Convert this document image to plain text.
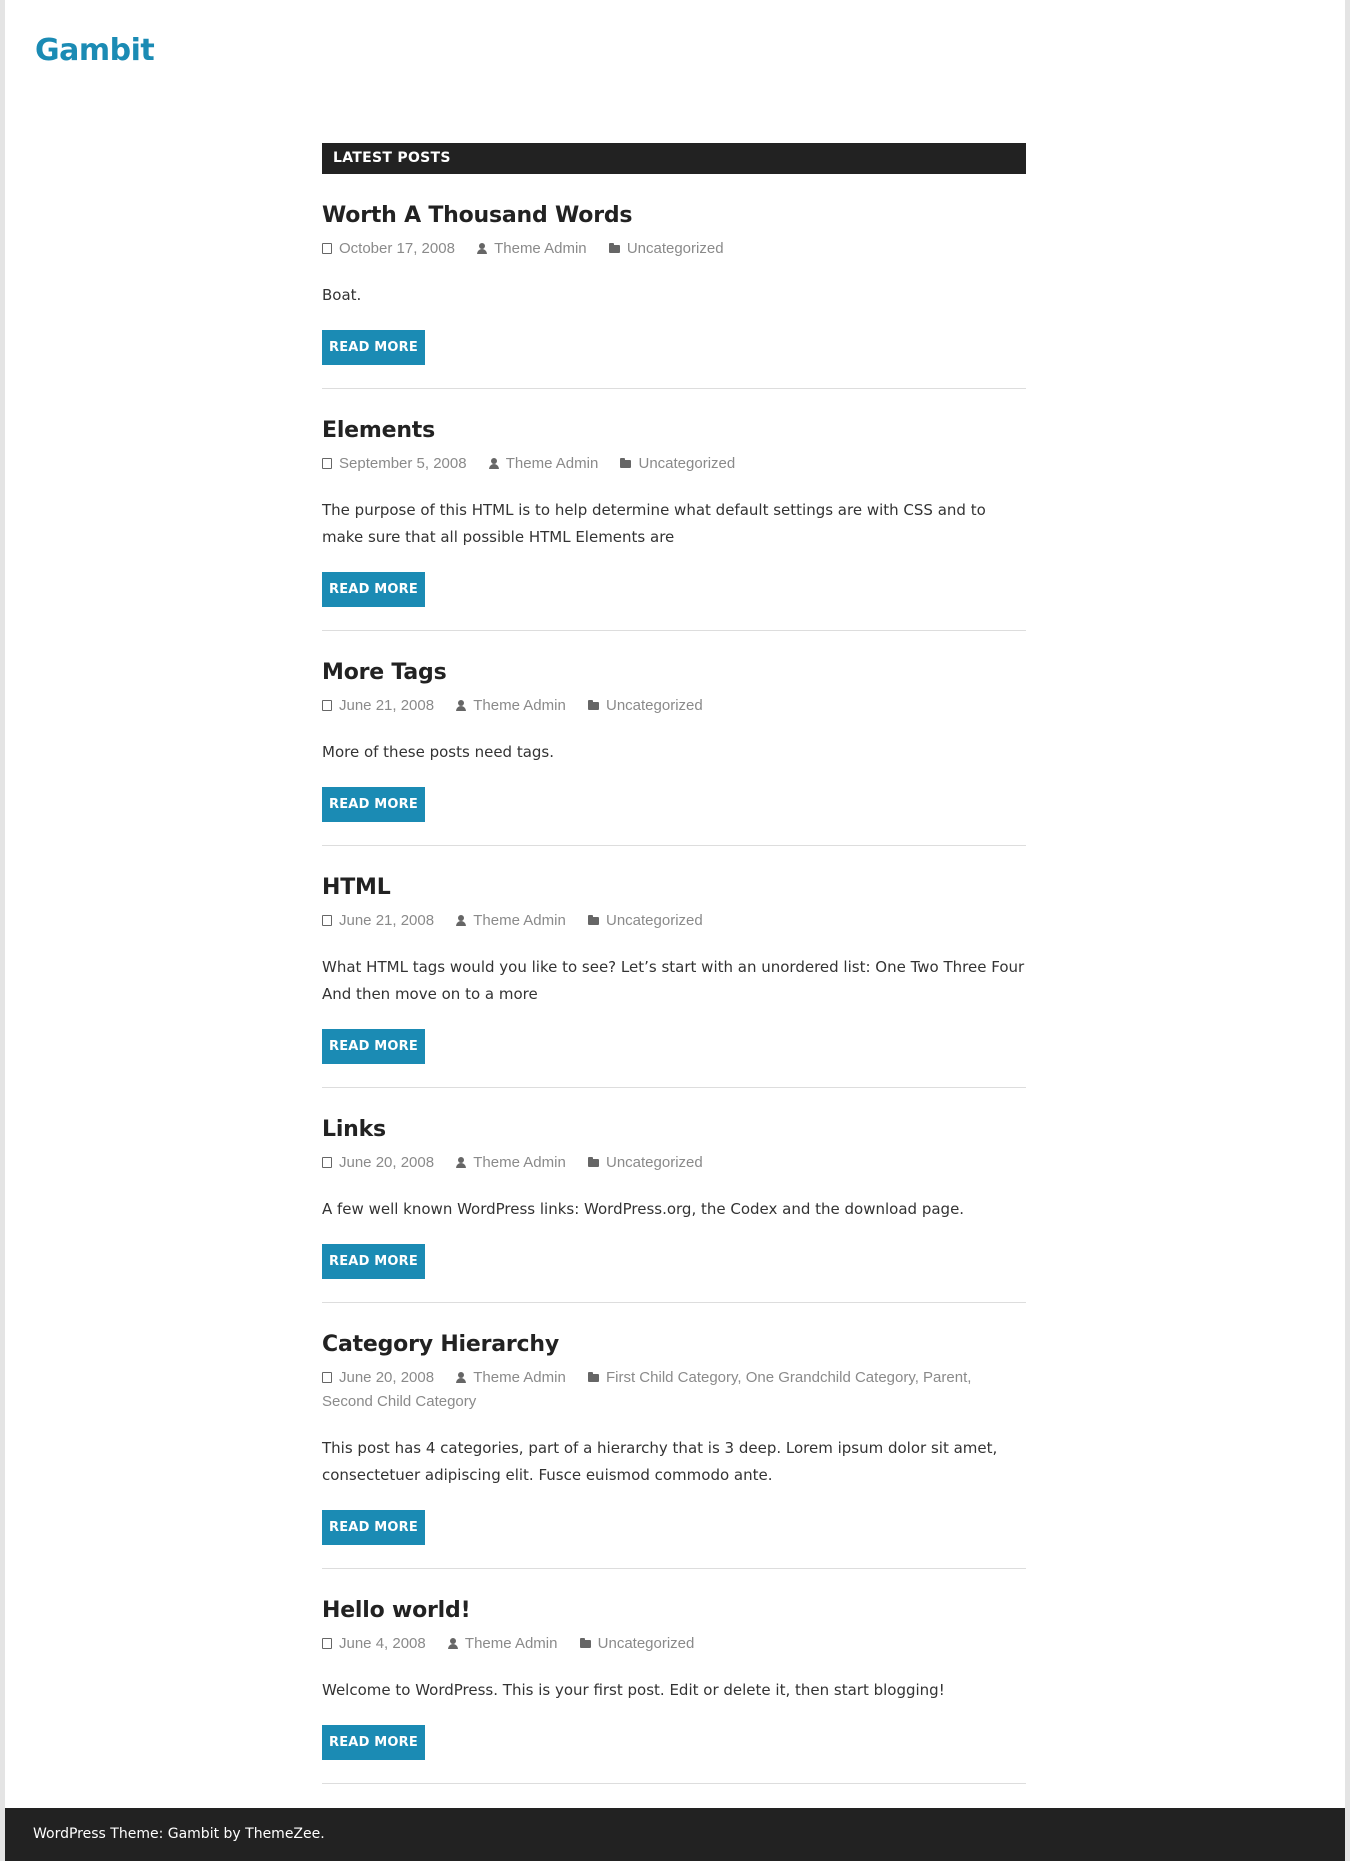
Gambit
LATEST POSTS
Worth A Thousand Words
October 17, 2008	Theme Admin	Uncategorized
Boat.
READ MORE
Elements
September 5, 2008	Theme Admin	Uncategorized
The purpose of this HTML is to help determine what default settings are with CSS and to make sure that all possible HTML Elements are
READ MORE
More Tags
June 21, 2008	Theme Admin	Uncategorized
More of these posts need tags.
READ MORE
HTML
June 21, 2008	Theme Admin	Uncategorized
What HTML tags would you like to see? Let’s start with an unordered list: One Two Three Four And then move on to a more
READ MORE
Links
June 20, 2008	Theme Admin	Uncategorized
A few well known WordPress links: WordPress.org, the Codex and the download page.
READ MORE
Category Hierarchy
June 20, 2008	Theme Admin	First Child Category, One Grandchild Category, Parent, Second Child Category
This post has 4 categories, part of a hierarchy that is 3 deep. Lorem ipsum dolor sit amet, consectetuer adipiscing elit. Fusce euismod commodo ante.
READ MORE
Hello world!
June 4, 2008	Theme Admin	Uncategorized
Welcome to WordPress. This is your first post. Edit or delete it, then start blogging!
READ MORE
WordPress Theme: Gambit by ThemeZee.
